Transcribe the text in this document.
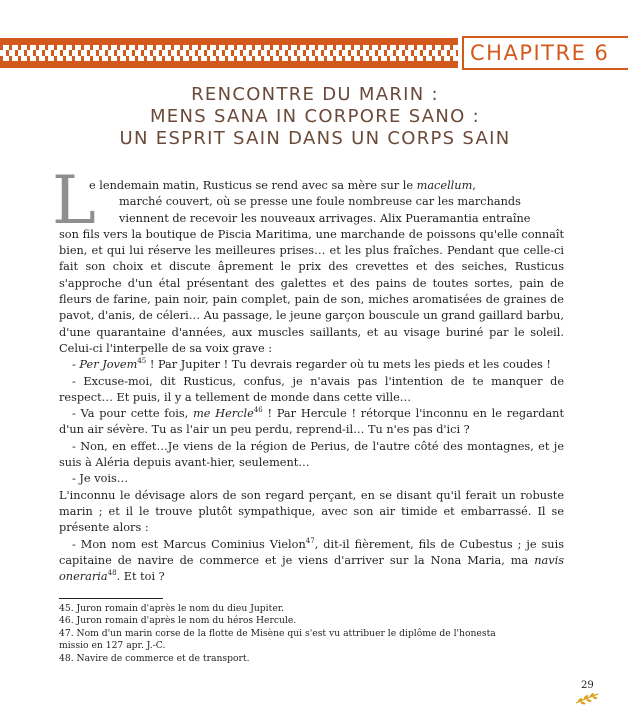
CHAPITRE 6
RENCONTRE DU MARIN :
MENS SANA IN CORPORE SANO :
UN ESPRIT SAIN DANS UN CORPS SAIN
L

e lendemain matin, Rusticus se rend avec sa mère sur le macellum,
marché couvert, où se presse une foule nombreuse car les marchands
viennent de recevoir les nouveaux arrivages. Alix Pueramantia entraîne
son fils vers la boutique de Piscia Maritima, une marchande de poissons qu'elle connaît bien, et qui lui réserve les meilleures prises… et les plus fraîches. Pendant que celle-ci fait son choix et discute âprement le prix des crevettes et des seiches, Rusticus s'approche d'un étal présentant des galettes et des pains de toutes sortes, pain de fleurs de farine, pain noir, pain complet, pain de son, miches aromatisées de graines de pavot, d'anis, de céleri… Au passage, le jeune garçon bouscule un grand gaillard barbu, d'une quarantaine d'années, aux muscles saillants, et au visage buriné par le soleil. Celui-ci l'interpelle de sa voix grave :

- Per Jovem$^{45}$ ! Par Jupiter ! Tu devrais regarder où tu mets les pieds et les coudes !

- Excuse-moi, dit Rusticus, confus, je n'avais pas l'intention de te manquer de respect… Et puis, il y a tellement de monde dans cette ville…

- Va pour cette fois, me Hercle$^{46}$ ! Par Hercule ! rétorque l'inconnu en le regardant d'un air sévère. Tu as l'air un peu perdu, reprend-il… Tu n'es pas d'ici ?

- Non, en effet…Je viens de la région de Perius, de l'autre côté des montagnes, et je suis à Aléria depuis avant-hier, seulement…

- Je vois…

L'inconnu le dévisage alors de son regard perçant, en se disant qu'il ferait un robuste marin ; et il le trouve plutôt sympathique, avec son air timide et embarrassé. Il se présente alors :

- Mon nom est Marcus Cominius Vielon$^{47}$, dit-il fièrement, fils de Cubestus ; je suis capitaine de navire de commerce et je viens d'arriver sur la Nona Maria, ma navis oneraria$^{48}$. Et toi ?

45. Juron romain d'après le nom du dieu Jupiter.
46. Juron romain d'après le nom du héros Hercule.
47. Nom d'un marin corse de la flotte de Misène qui s'est vu attribuer le diplôme de l'honesta
missio en 127 apr. J.-C.
48. Navire de commerce et de transport.
29
